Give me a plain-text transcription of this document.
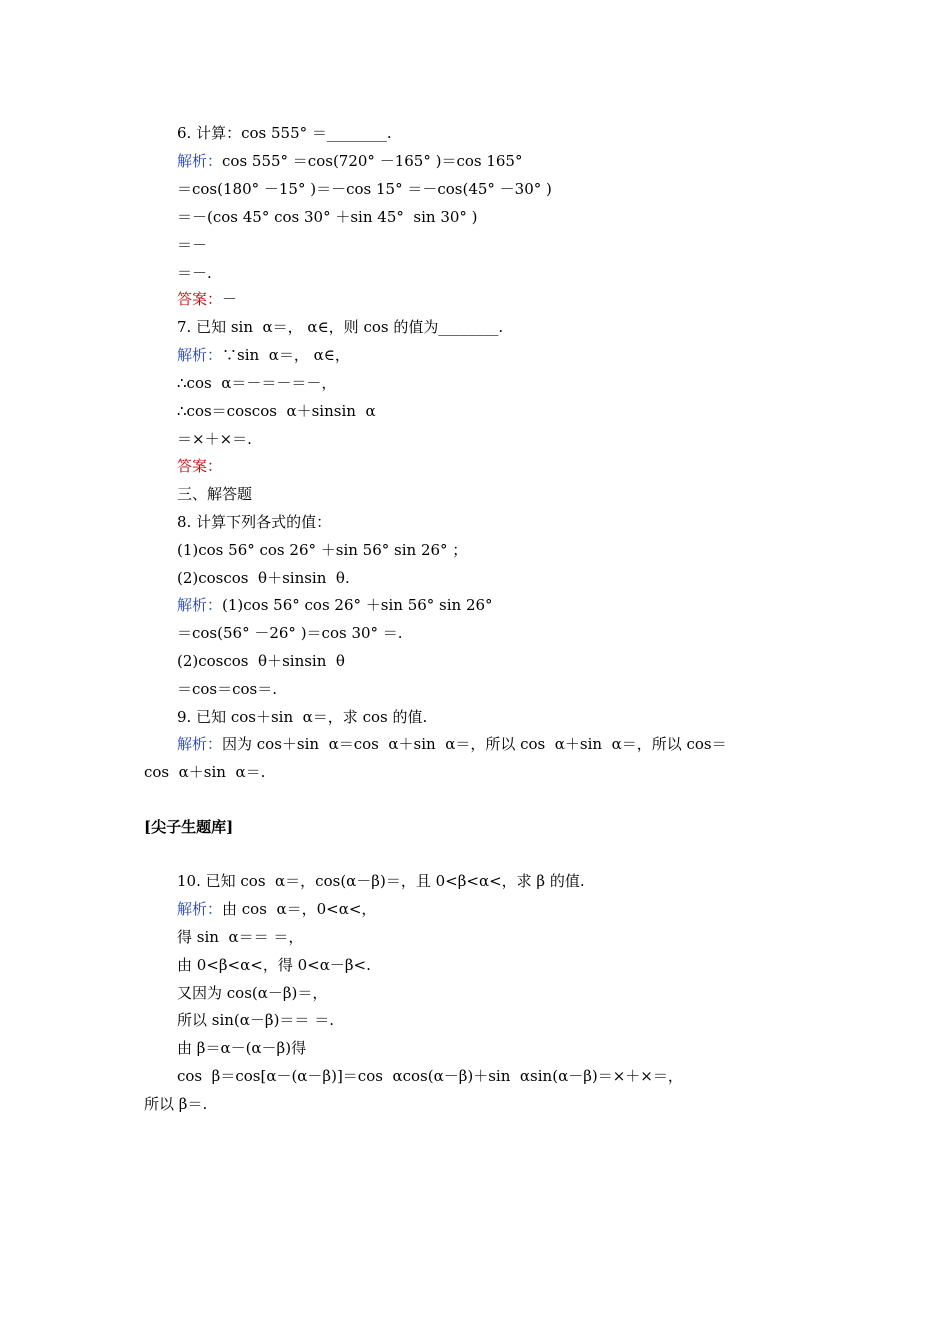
6. 计算：cos 555° ＝________.
解析：cos 555° ＝cos(720° －165° )＝cos 165°
＝cos(180° －15° )＝－cos 15° ＝－cos(45° －30° )
＝－(cos 45° cos 30° ＋sin 45°  sin 30° )
＝－
＝－.
答案：－
7. 已知 sin  α＝， α∈，则 cos 的值为________.
解析：∵sin  α＝， α∈，
∴cos  α＝－＝－＝－，
∴cos＝coscos  α＋sinsin  α
＝×＋×＝.
答案：
三、解答题
8. 计算下列各式的值：
(1)cos 56° cos 26° ＋sin 56° sin 26° ；
(2)coscos  θ＋sinsin  θ.
解析：(1)cos 56° cos 26° ＋sin 56° sin 26°
＝cos(56° －26° )＝cos 30° ＝.
(2)coscos  θ＋sinsin  θ
＝cos＝cos＝.
9. 已知 cos＋sin  α＝，求 cos 的值.
解析：因为 cos＋sin  α＝cos  α＋sin  α＝，所以 cos  α＋sin  α＝，所以 cos＝
cos  α＋sin  α＝.
[尖子生题库]
10. 已知 cos  α＝，cos(α－β)＝，且 0<β<α<，求 β 的值.
解析：由 cos  α＝，0<α<，
得 sin  α＝＝ ＝，
由 0<β<α<，得 0<α－β<.
又因为 cos(α－β)＝，
所以 sin(α－β)＝＝ ＝.
由 β＝α－(α－β)得
cos  β＝cos[α－(α－β)]＝cos  αcos(α－β)＋sin  αsin(α－β)＝×＋×＝，
所以 β＝.
